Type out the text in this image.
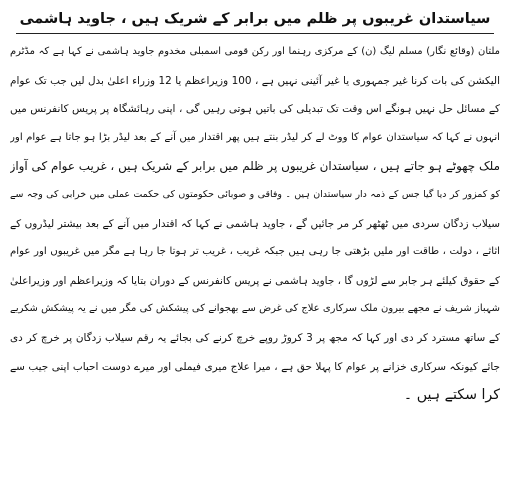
سیاستدان غریبوں پر ظلم میں برابر کے شریک ہیں ، جاوید ہاشمی
ملتان (وقائع نگار) مسلم لیگ (ن) کے مرکزی رہنما اور رکن قومی اسمبلی مخدوم جاوید ہاشمی نے کہا ہے کہ مڈٹرم
الیکشن کی بات کرنا غیر جمہوری یا غیر آئینی نہیں ہے ، 100 وزیراعظم یا 12 وزراء اعلیٰ بدل لیں جب تک عوام
کے مسائل حل نہیں ہونگے اس وقت تک تبدیلی کی باتیں ہوتی رہیں گی ، اپنی رہائشگاہ پر پریس کانفرنس میں
انہوں نے کہا کہ سیاستدان عوام کا ووٹ لے کر لیڈر بنتے ہیں پھر اقتدار میں آنے کے بعد لیڈر بڑا ہو جاتا ہے عوام اور
ملک چھوٹے ہو جاتے ہیں ، سیاستدان غریبوں پر ظلم میں برابر کے شریک ہیں ، غریب عوام کی آواز
کو کمزور کر دیا گیا جس کے ذمہ دار سیاستدان ہیں ۔ وفاقی و صوبائی حکومتوں کی حکمت عملی میں خرابی کی وجہ سے
سیلاب زدگان سردی میں ٹھٹھر کر مر جائیں گے ، جاوید ہاشمی نے کہا کہ اقتدار میں آنے کے بعد بیشتر لیڈروں کے
اثاثے ، دولت ، طاقت اور ملیں بڑھتی جا رہی ہیں جبکہ غریب ، غریب تر ہوتا جا رہا ہے مگر میں غریبوں اور عوام
کے حقوق کیلئے ہر جابر سے لڑوں گا ، جاوید ہاشمی نے پریس کانفرنس کے دوران بتایا کہ وزیراعظم اور وزیراعلیٰ
شہباز شریف نے مجھے بیرون ملک سرکاری علاج کی غرض سے بھجوانے کی پیشکش کی مگر میں نے یہ پیشکش شکریے
کے ساتھ مسترد کر دی اور کہا کہ مجھ پر 3 کروڑ روپے خرچ کرنے کی بجائے یہ رقم سیلاب زدگان پر خرچ کر دی
جائے کیونکہ سرکاری خزانے پر عوام کا پہلا حق ہے ، میرا علاج میری فیملی اور میرے دوست احباب اپنی جیب سے
کرا سکتے ہیں ۔
